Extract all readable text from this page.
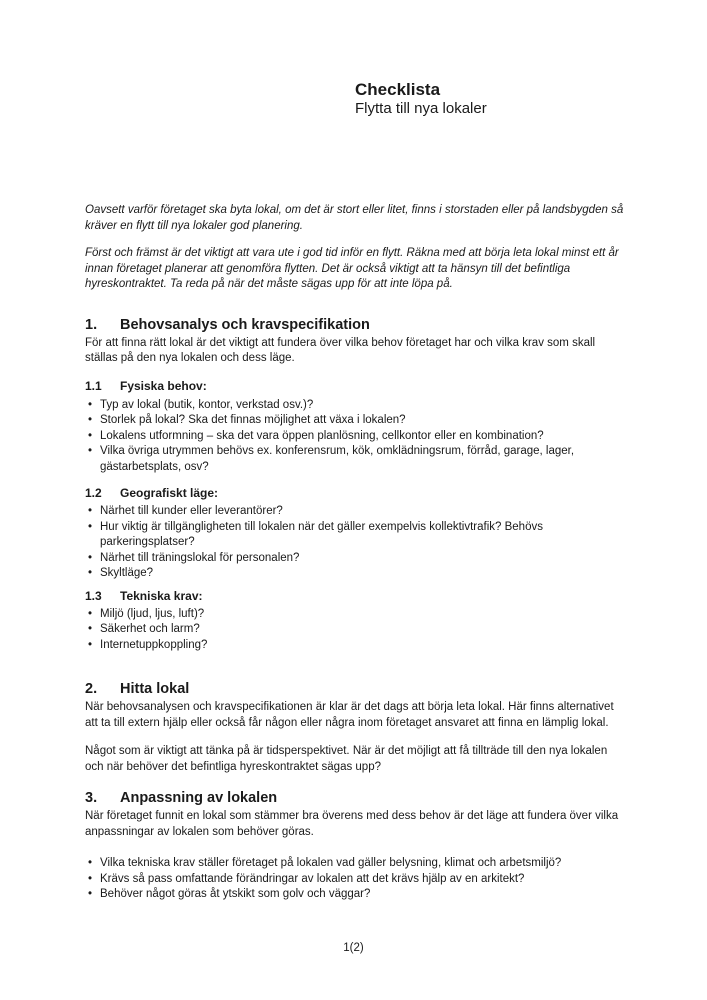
Checklista
Flytta till nya lokaler

Oavsett varför företaget ska byta lokal, om det är stort eller litet, finns i storstaden eller på landsbygden så kräver en flytt till nya lokaler god planering.

Först och främst är det viktigt att vara ute i god tid inför en flytt. Räkna med att börja leta lokal minst ett år innan företaget planerar att genomföra flytten. Det är också viktigt att ta hänsyn till det befintliga hyreskontraktet. Ta reda på när det måste sägas upp för att inte löpa på.

1.	Behovsanalys och kravspecifikation

För att finna rätt lokal är det viktigt att fundera över vilka behov företaget har och vilka krav som skall ställas på den nya lokalen och dess läge.

1.1	Fysiska behov:
• Typ av lokal (butik, kontor, verkstad osv.)?
• Storlek på lokal? Ska det finnas möjlighet att växa i lokalen?
• Lokalens utformning – ska det vara öppen planlösning, cellkontor eller en kombination?
• Vilka övriga utrymmen behövs ex. konferensrum, kök, omklädningsrum, förråd, garage, lager, gästarbetsplats, osv?
1.2	Geografiskt läge:
• Närhet till kunder eller leverantörer?
• Hur viktig är tillgängligheten till lokalen när det gäller exempelvis kollektivtrafik? Behövs parkeringsplatser?
• Närhet till träningslokal för personalen?
• Skyltläge?
1.3	Tekniska krav:
• Miljö (ljud, ljus, luft)?
• Säkerhet och larm?
• Internetuppkoppling?
2.	Hitta lokal

När behovsanalysen och kravspecifikationen är klar är det dags att börja leta lokal. Här finns alternativet att ta till extern hjälp eller också får någon eller några inom företaget ansvaret att finna en lämplig lokal.

Något som är viktigt att tänka på är tidsperspektivet. När är det möjligt att få tillträde till den nya lokalen och när behöver det befintliga hyreskontraktet sägas upp?

3.	Anpassning av lokalen

När företaget funnit en lokal som stämmer bra överens med dess behov är det läge att fundera över vilka anpassningar av lokalen som behöver göras.

• Vilka tekniska krav ställer företaget på lokalen vad gäller belysning, klimat och arbetsmiljö?
• Krävs så pass omfattande förändringar av lokalen att det krävs hjälp av en arkitekt?
• Behöver något göras åt ytskikt som golv och väggar?
1(2)
